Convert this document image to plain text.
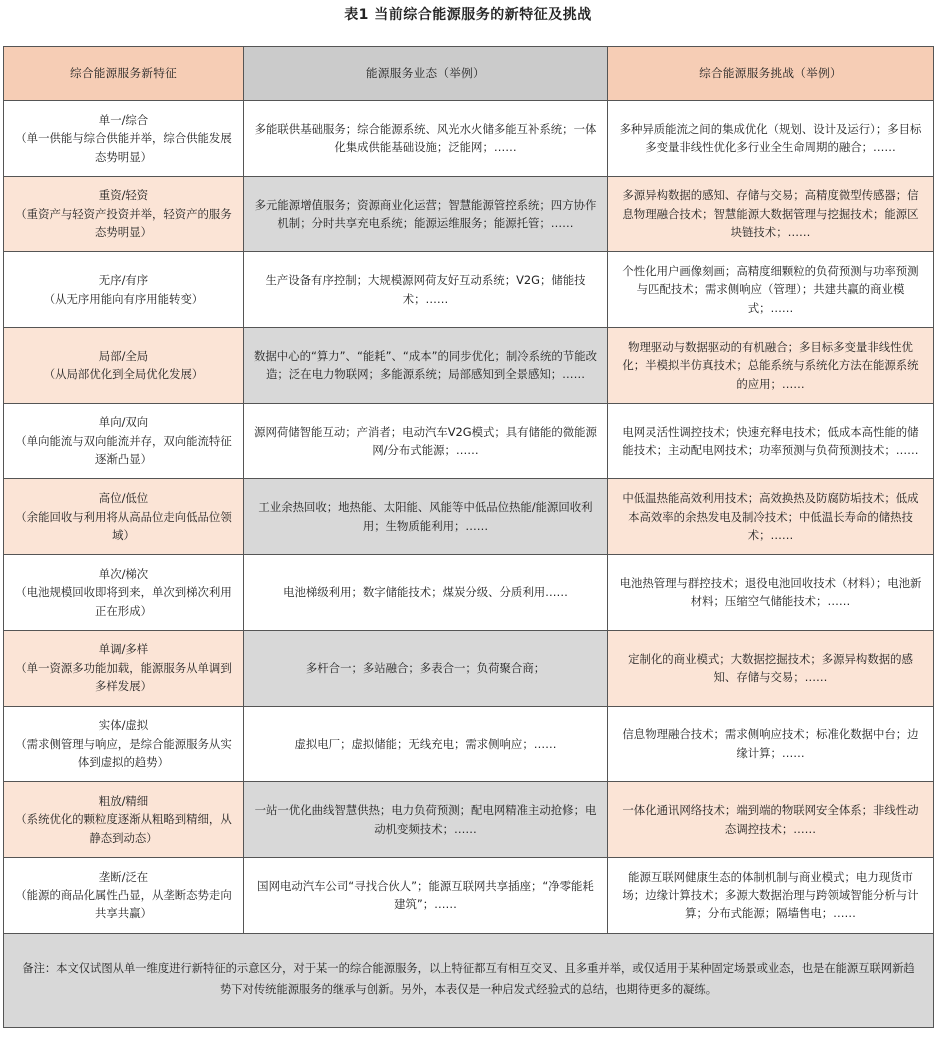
表1 当前综合能源服务的新特征及挑战
综合能源服务新特征	能源服务业态（举例）	综合能源服务挑战（举例）

单一/综合
（单一供能与综合供能并举，综合供能发展态势明显）	多能联供基础服务；综合能源系统、风光水火储多能互补系统；一体化集成供能基础设施；泛能网；……	多种异质能流之间的集成优化（规划、设计及运行）；多目标多变量非线性优化多行业全生命周期的融合；……

重资/轻资
（重资产与轻资产投资并举，轻资产的服务态势明显）	多元能源增值服务；资源商业化运营；智慧能源管控系统；四方协作机制；分时共享充电系统；能源运维服务；能源托管；……	多源异构数据的感知、存储与交易；高精度微型传感器；信息物理融合技术；智慧能源大数据管理与挖掘技术；能源区块链技术；……

无序/有序
（从无序用能向有序用能转变）	生产设备有序控制；大规模源网荷友好互动系统；V2G；储能技术；……	个性化用户画像刻画；高精度细颗粒的负荷预测与功率预测与匹配技术；需求侧响应（管理）；共建共赢的商业模式；……

局部/全局
（从局部优化到全局优化发展）	数据中心的“算力”、“能耗”、“成本”的同步优化；制冷系统的节能改造；泛在电力物联网；多能源系统；局部感知到全景感知；……	物理驱动与数据驱动的有机融合；多目标多变量非线性优化；半模拟半仿真技术；总能系统与系统化方法在能源系统的应用；……

单向/双向
（单向能流与双向能流并存，双向能流特征逐渐凸显）	源网荷储智能互动；产消者；电动汽车V2G模式；具有储能的微能源网/分布式能源；……	电网灵活性调控技术；快速充释电技术；低成本高性能的储能技术；主动配电网技术；功率预测与负荷预测技术；……

高位/低位
（余能回收与利用将从高品位走向低品位领域）	工业余热回收；地热能、太阳能、风能等中低品位热能/能源回收利用；生物质能利用；……	中低温热能高效利用技术；高效换热及防腐防垢技术；低成本高效率的余热发电及制冷技术；中低温长寿命的储热技术；……

单次/梯次
（电池规模回收即将到来，单次到梯次利用正在形成）	电池梯级利用；数字储能技术；煤炭分级、分质利用……	电池热管理与群控技术；退役电池回收技术（材料）；电池新材料；压缩空气储能技术；……

单调/多样
（单一资源多功能加载，能源服务从单调到多样发展）	多杆合一；多站融合；多表合一；负荷聚合商；	定制化的商业模式；大数据挖掘技术；多源异构数据的感知、存储与交易；……

实体/虚拟
（需求侧管理与响应，是综合能源服务从实体到虚拟的趋势）	虚拟电厂；虚拟储能；无线充电；需求侧响应；……	信息物理融合技术；需求侧响应技术；标准化数据中台；边缘计算；……

粗放/精细
（系统优化的颗粒度逐渐从粗略到精细，从静态到动态）	一站一优化曲线智慧供热；电力负荷预测；配电网精准主动抢修；电动机变频技术；……	一体化通讯网络技术；端到端的物联网安全体系；非线性动态调控技术；……

垄断/泛在
（能源的商品化属性凸显，从垄断态势走向共享共赢）	国网电动汽车公司“寻找合伙人”；能源互联网共享插座；“净零能耗建筑”；……	能源互联网健康生态的体制机制与商业模式；电力现货市场；边缘计算技术；多源大数据治理与跨领域智能分析与计算；分布式能源；隔墙售电；……
备注：本文仅试图从单一维度进行新特征的示意区分，对于某一的综合能源服务，以上特征都互有相互交叉、且多重并举，或仅适用于某种固定场景或业态，也是在能源互联网新趋势下对传统能源服务的继承与创新。另外，本表仅是一种启发式经验式的总结，也期待更多的凝练。		
